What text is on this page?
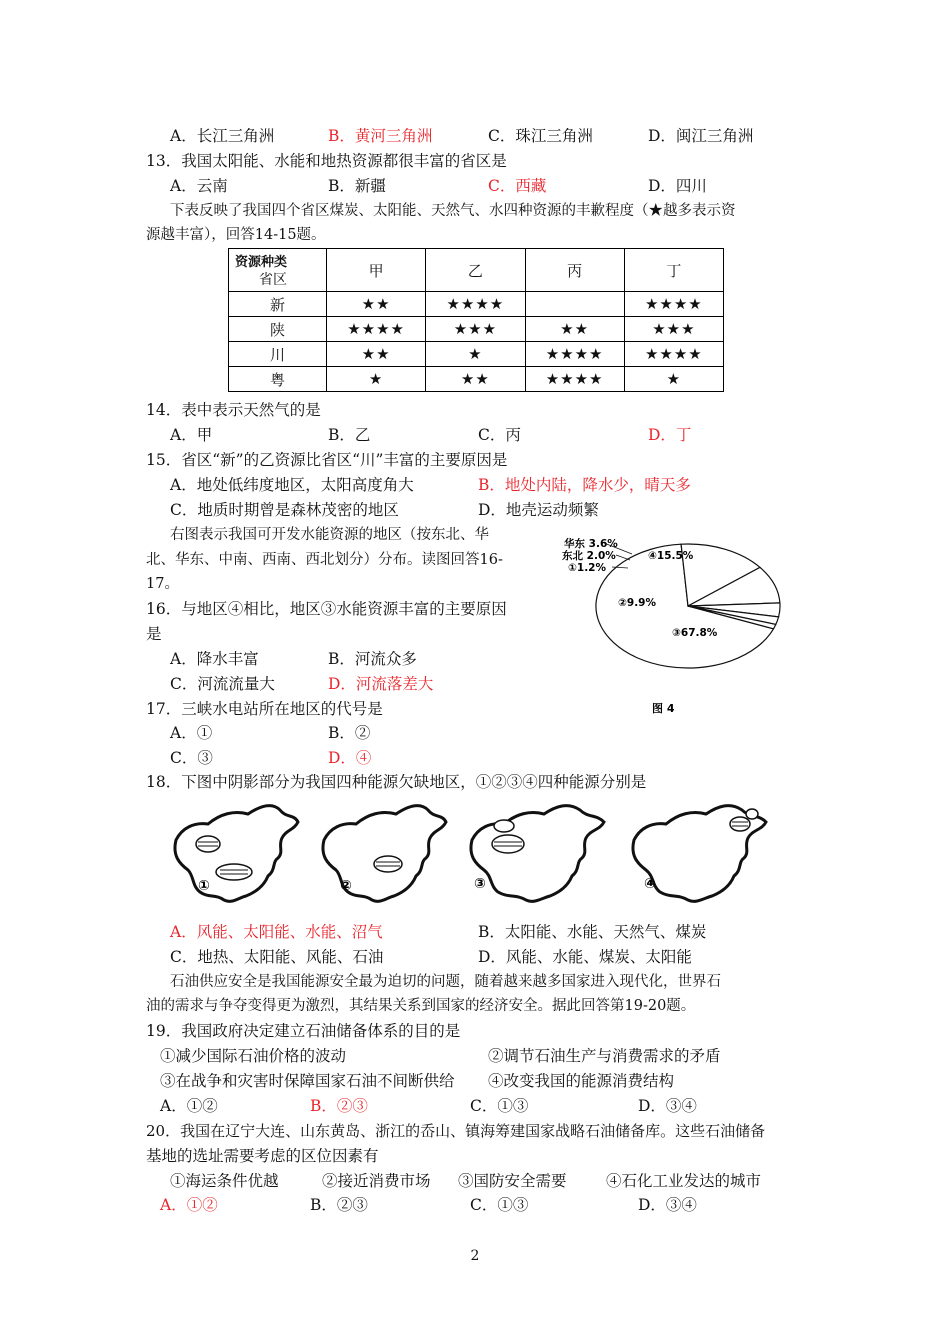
A．长江三角洲	B．黄河三角洲	C．珠江三角洲	D．闽江三角洲
13．我国太阳能、水能和地热资源都很丰富的省区是
A．云南	B．新疆	C．西藏	D．四川
下表反映了我国四个省区煤炭、太阳能、天然气、水四种资源的丰歉程度（★越多表示资
源越丰富），回答14-15题。
资源种类
省区	甲	乙	丙	丁
新	★★	★★★★		★★★★
陕	★★★★	★★★	★★	★★★
川	★★	★	★★★★	★★★★
粤	★	★★	★★★★	★
14．表中表示天然气的是
A．甲	B．乙	C．丙	D．丁
15．省区“新”的乙资源比省区“川”丰富的主要原因是
A．地处低纬度地区，太阳高度角大	B．地处内陆，降水少，晴天多
C．地质时期曾是森林茂密的地区	D．地壳运动频繁
右图表示我国可开发水能资源的地区（按东北、华
北、华东、中南、西南、西北划分）分布。读图回答16-
17。
16．与地区④相比，地区③水能资源丰富的主要原因
是
A．降水丰富	B．河流众多
C．河流流量大	D．河流落差大
17．三峡水电站所在地区的代号是
A．①	B．②
C．③	D．④
华东 3.6%
东北 2.0%
①1.2%
④15.5%
②9.9%
③67.8%
图 4
18．下图中阴影部分为我国四种能源欠缺地区，①②③④四种能源分别是
①	②	③	④
A．风能、太阳能、水能、沼气	B．太阳能、水能、天然气、煤炭
C．地热、太阳能、风能、石油	D．风能、水能、煤炭、太阳能
石油供应安全是我国能源安全最为迫切的问题，随着越来越多国家进入现代化，世界石
油的需求与争夺变得更为激烈，其结果关系到国家的经济安全。据此回答第19-20题。
19．我国政府决定建立石油储备体系的目的是
①减少国际石油价格的波动	②调节石油生产与消费需求的矛盾
③在战争和灾害时保障国家石油不间断供给 ④改变我国的能源消费结构
A．①②	B．②③	C．①③	D．③④
20．我国在辽宁大连、山东黄岛、浙江的岙山、镇海筹建国家战略石油储备库。这些石油储备
基地的选址需要考虑的区位因素有
①海运条件优越	②接近消费市场 ③国防安全需要	④石化工业发达的城市
A．①②	B．②③	C．①③	D．③④
2
